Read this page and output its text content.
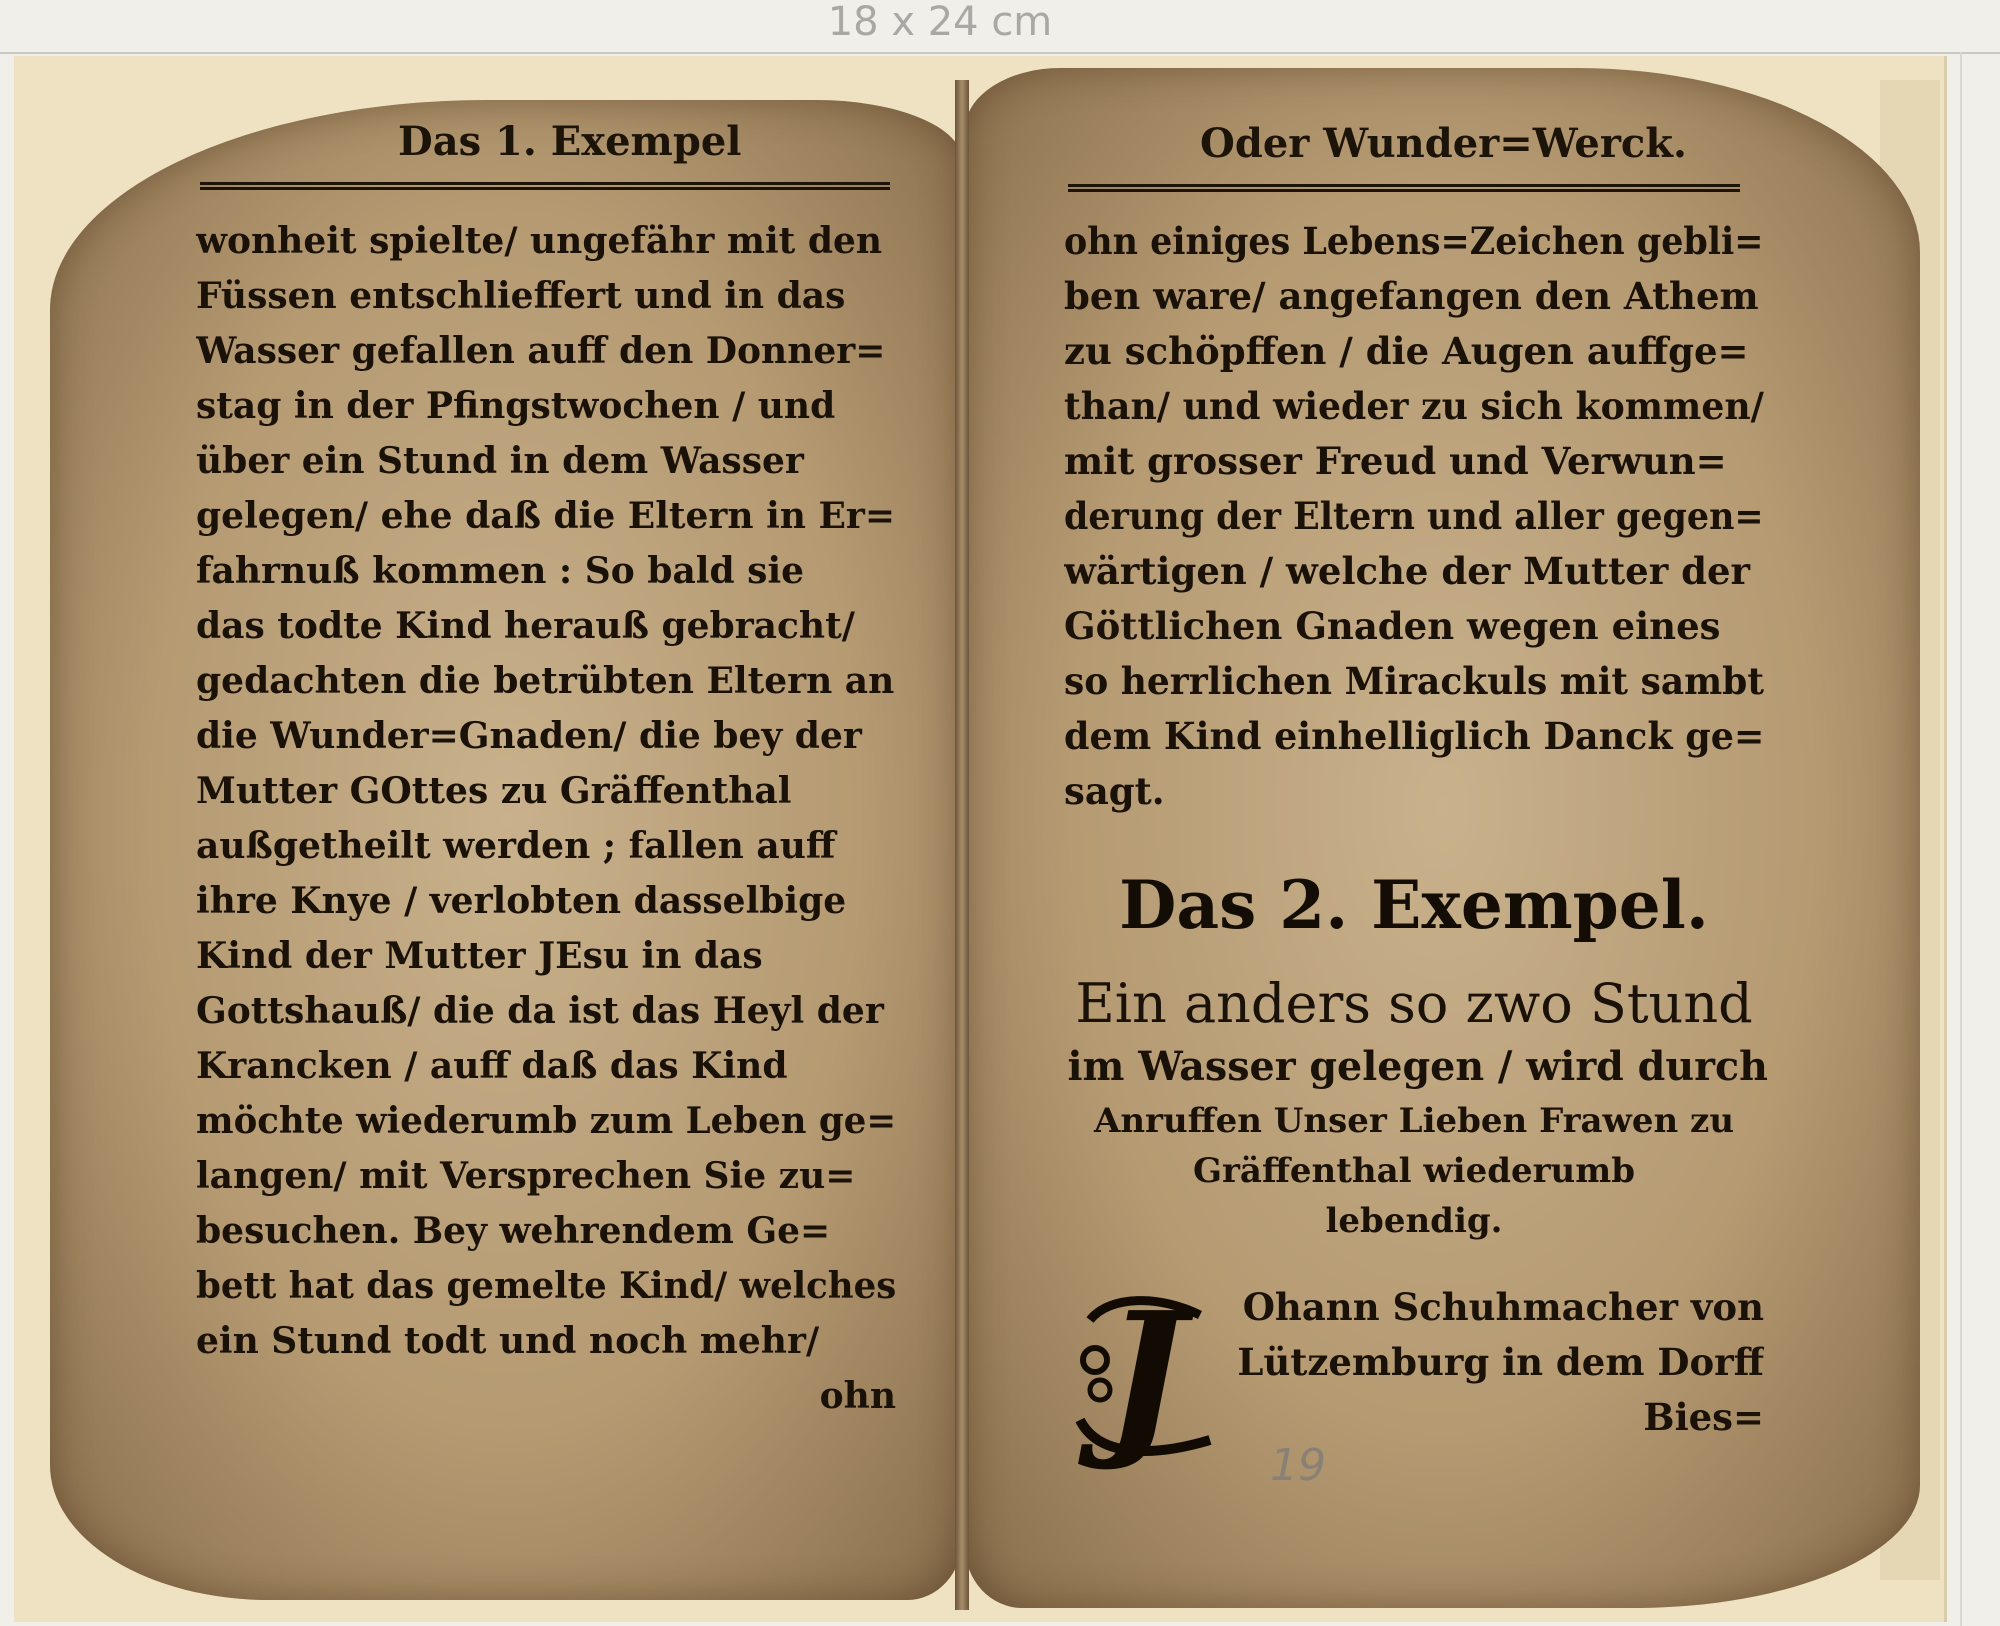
18 x 24 cm
Das 1. Exempel
wonheit spielte/ ungefähr mit den
Füssen entschlieffert und in das
Wasser gefallen auff den Donner=
stag in der Pfingstwochen / und
über ein Stund in dem Wasser
gelegen/ ehe daß die Eltern in Er=
fahrnuß kommen : So bald sie
das todte Kind herauß gebracht/
gedachten die betrübten Eltern an
die Wunder=Gnaden/ die bey der
Mutter GOttes zu Gräffenthal
außgetheilt werden ; fallen auff
ihre Knye / verlobten dasselbige
Kind der Mutter JEsu in das
Gottshauß/ die da ist das Heyl der
Krancken / auff daß das Kind
möchte wiederumb zum Leben ge=
langen/ mit Versprechen Sie zu=
besuchen. Bey wehrendem Ge=
bett hat das gemelte Kind/ welches
ein Stund todt und noch mehr/
ohn
Oder Wunder=Werck.
ohn einiges Lebens=Zeichen gebli=
ben ware/ angefangen den Athem
zu schöpffen / die Augen auffge=
than/ und wieder zu sich kommen/
mit grosser Freud und Verwun=
derung der Eltern und aller gegen=
wärtigen / welche der Mutter der
Göttlichen Gnaden wegen eines
so herrlichen Mirackuls mit sambt
dem Kind einhelliglich Danck ge=
sagt.
Das 2. Exempel.
Ein anders so zwo Stund
im Wasser gelegen / wird durch
Anruffen Unser Lieben Frawen zu
Gräffenthal wiederumb
lebendig.
J	Ohann Schuhmacher von
Lützemburg in dem Dorff
Bies=
19
